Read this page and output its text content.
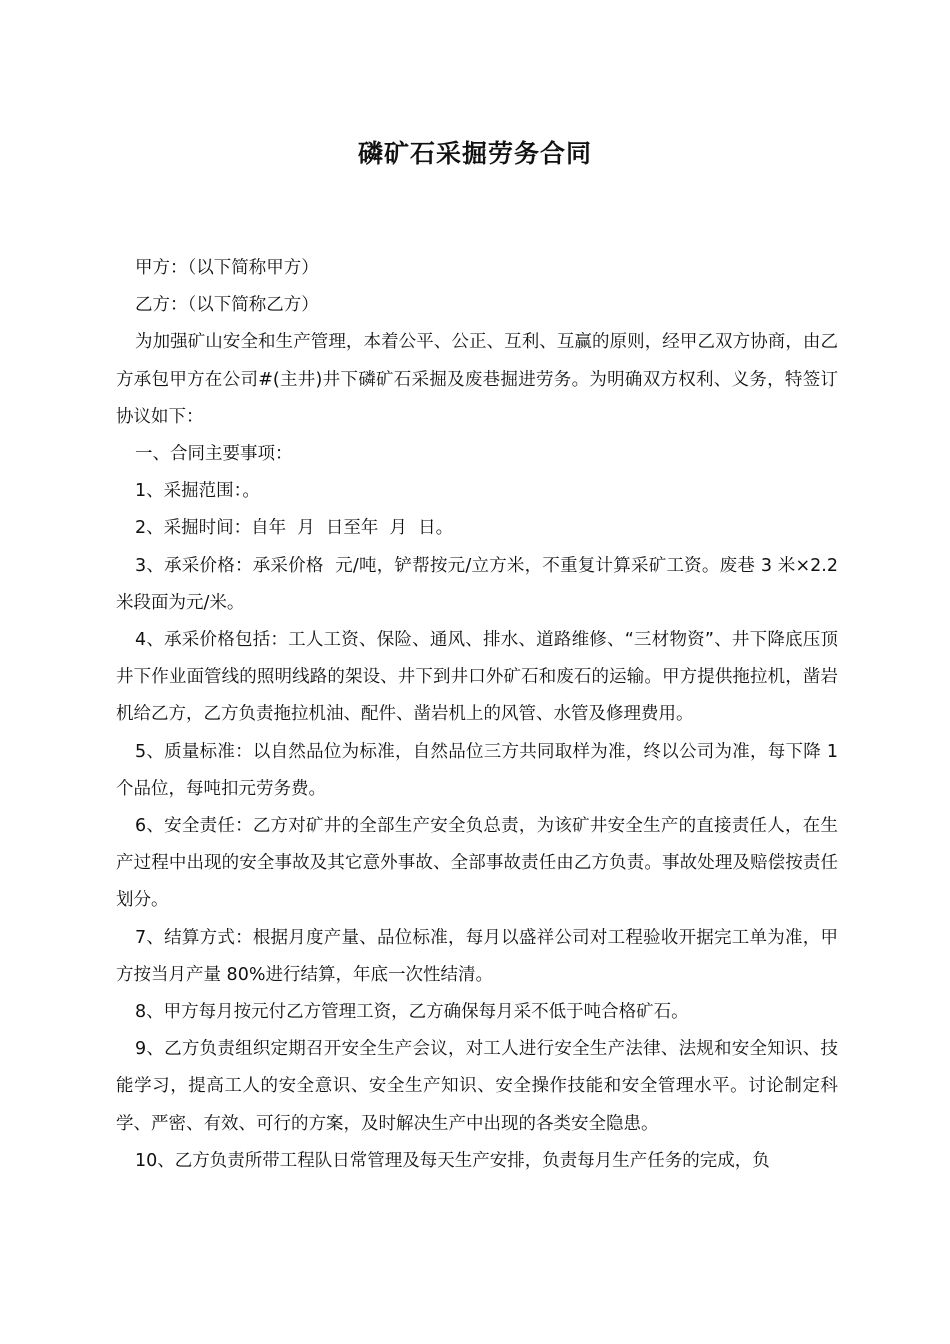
磷矿石采掘劳务合同

甲方：（以下简称甲方）

乙方：（以下简称乙方）

为加强矿山安全和生产管理，本着公平、公正、互利、互赢的原则，经甲乙双方协商，由乙方承包甲方在公司#(主井)井下磷矿石采掘及废巷掘进劳务。为明确双方权利、义务，特签订协议如下：

一、合同主要事项：

1、采掘范围：。

2、采掘时间：自年  月  日至年  月  日。

3、承采价格：承采价格  元/吨，铲帮按元/立方米，不重复计算采矿工资。废巷 3 米×2.2 米段面为元/米。

4、承采价格包括：工人工资、保险、通风、排水、道路维修、“三材物资”、井下降底压顶井下作业面管线的照明线路的架设、井下到井口外矿石和废石的运输。甲方提供拖拉机，凿岩机给乙方，乙方负责拖拉机油、配件、凿岩机上的风管、水管及修理费用。

5、质量标准：以自然品位为标准，自然品位三方共同取样为准，终以公司为准，每下降 1 个品位，每吨扣元劳务费。

6、安全责任：乙方对矿井的全部生产安全负总责，为该矿井安全生产的直接责任人，在生产过程中出现的安全事故及其它意外事故、全部事故责任由乙方负责。事故处理及赔偿按责任划分。

7、结算方式：根据月度产量、品位标准，每月以盛祥公司对工程验收开据完工单为准，甲方按当月产量 80%进行结算，年底一次性结清。

8、甲方每月按元付乙方管理工资，乙方确保每月采不低于吨合格矿石。

9、乙方负责组织定期召开安全生产会议，对工人进行安全生产法律、法规和安全知识、技能学习，提高工人的安全意识、安全生产知识、安全操作技能和安全管理水平。讨论制定科学、严密、有效、可行的方案，及时解决生产中出现的各类安全隐患。

10、乙方负责所带工程队日常管理及每天生产安排，负责每月生产任务的完成，负
